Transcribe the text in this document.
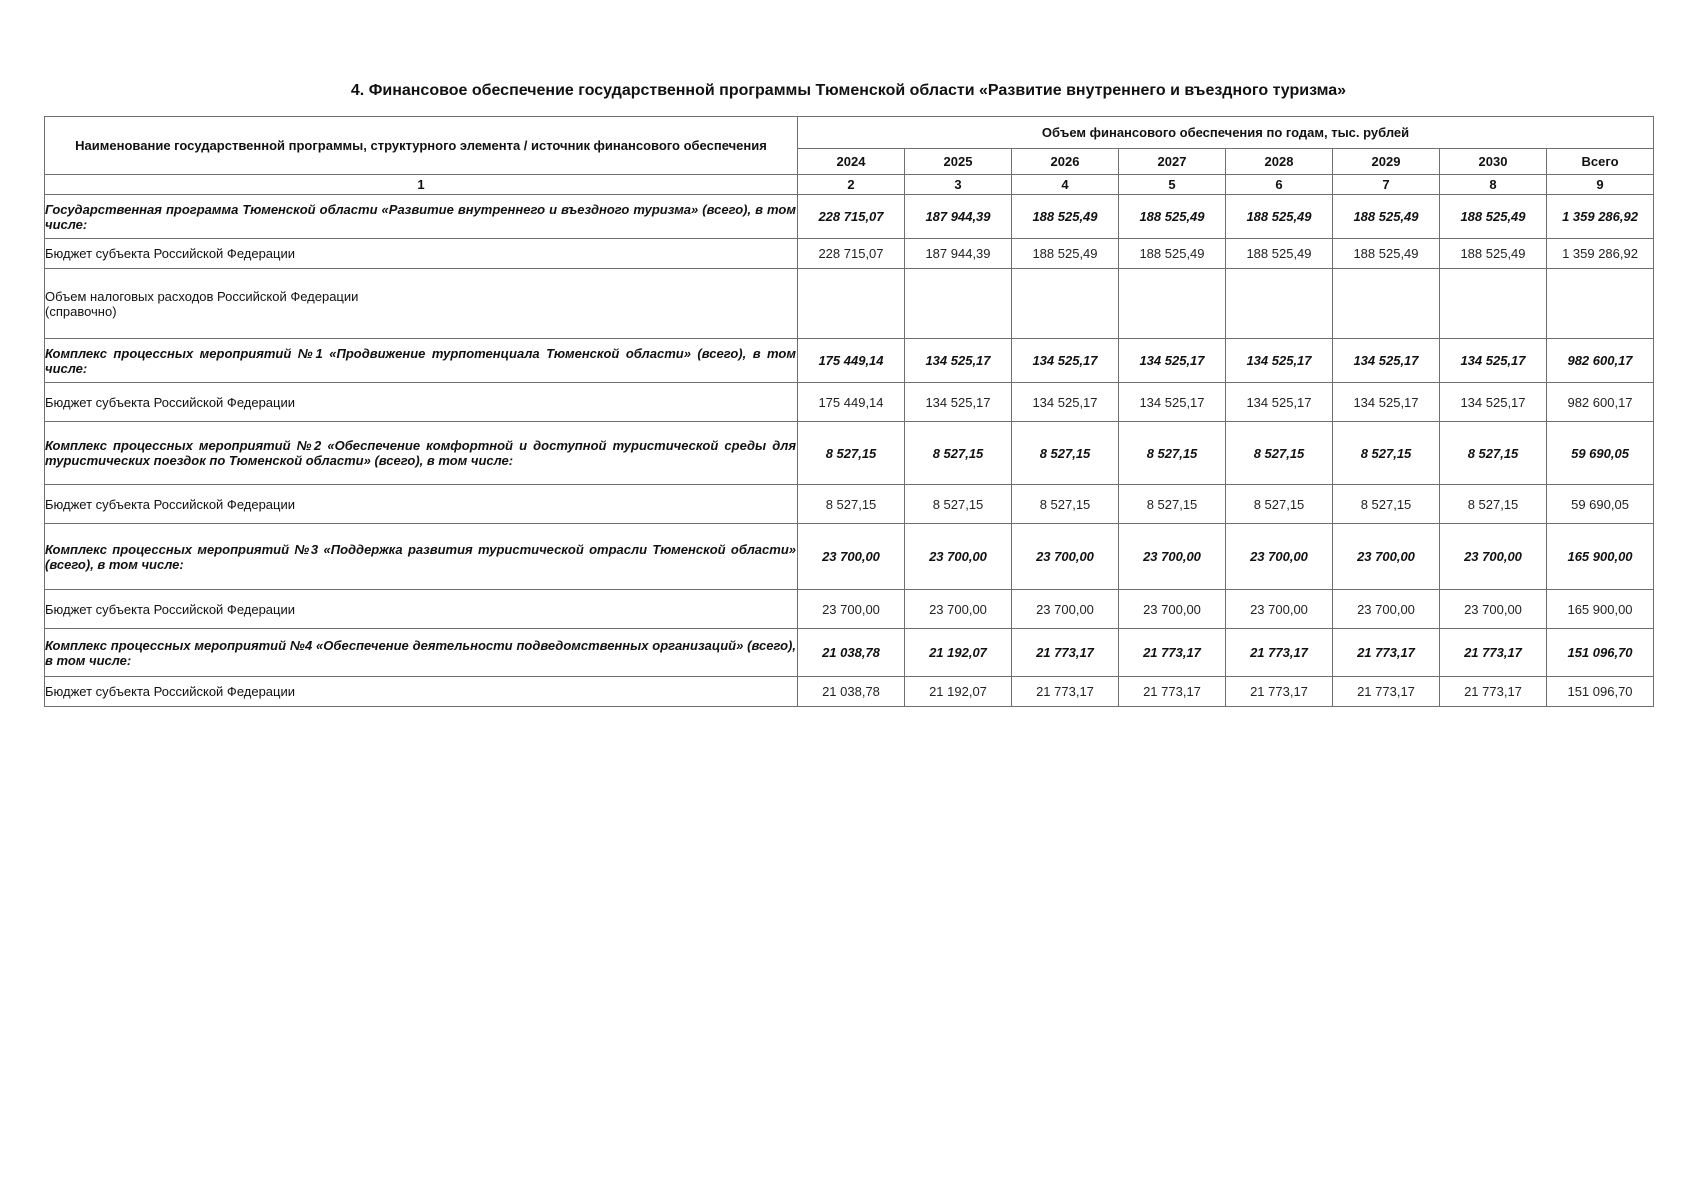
4. Финансовое обеспечение государственной программы Тюменской области «Развитие внутреннего и въездного туризма»
Наименование государственной программы, структурного элемента / источник финансового обеспечения	Объем финансового обеспечения по годам, тыс. рублей							
	2024	2025	2026	2027	2028	2029	2030	Всего
1	2	3	4	5	6	7	8	9
Государственная программа Тюменской области «Развитие внутреннего и въездного туризма» (всего), в том числе:	228 715,07	187 944,39	188 525,49	188 525,49	188 525,49	188 525,49	188 525,49	1 359 286,92
Бюджет субъекта Российской Федерации	228 715,07	187 944,39	188 525,49	188 525,49	188 525,49	188 525,49	188 525,49	1 359 286,92
Объем налоговых расходов Российской Федерации
(справочно)								
Комплекс процессных мероприятий №1 «Продвижение турпотенциала Тюменской области» (всего), в том числе:	175 449,14	134 525,17	134 525,17	134 525,17	134 525,17	134 525,17	134 525,17	982 600,17
Бюджет субъекта Российской Федерации	175 449,14	134 525,17	134 525,17	134 525,17	134 525,17	134 525,17	134 525,17	982 600,17
Комплекс процессных мероприятий №2 «Обеспечение комфортной и доступной туристической среды для туристических поездок по Тюменской области» (всего), в том числе:	8 527,15	8 527,15	8 527,15	8 527,15	8 527,15	8 527,15	8 527,15	59 690,05
Бюджет субъекта Российской Федерации	8 527,15	8 527,15	8 527,15	8 527,15	8 527,15	8 527,15	8 527,15	59 690,05
Комплекс процессных мероприятий №3 «Поддержка развития туристической отрасли Тюменской области» (всего), в том числе:	23 700,00	23 700,00	23 700,00	23 700,00	23 700,00	23 700,00	23 700,00	165 900,00
Бюджет субъекта Российской Федерации	23 700,00	23 700,00	23 700,00	23 700,00	23 700,00	23 700,00	23 700,00	165 900,00
Комплекс процессных мероприятий №4 «Обеспечение деятельности подведомственных организаций» (всего), в том числе:	21 038,78	21 192,07	21 773,17	21 773,17	21 773,17	21 773,17	21 773,17	151 096,70
Бюджет субъекта Российской Федерации	21 038,78	21 192,07	21 773,17	21 773,17	21 773,17	21 773,17	21 773,17	151 096,70
